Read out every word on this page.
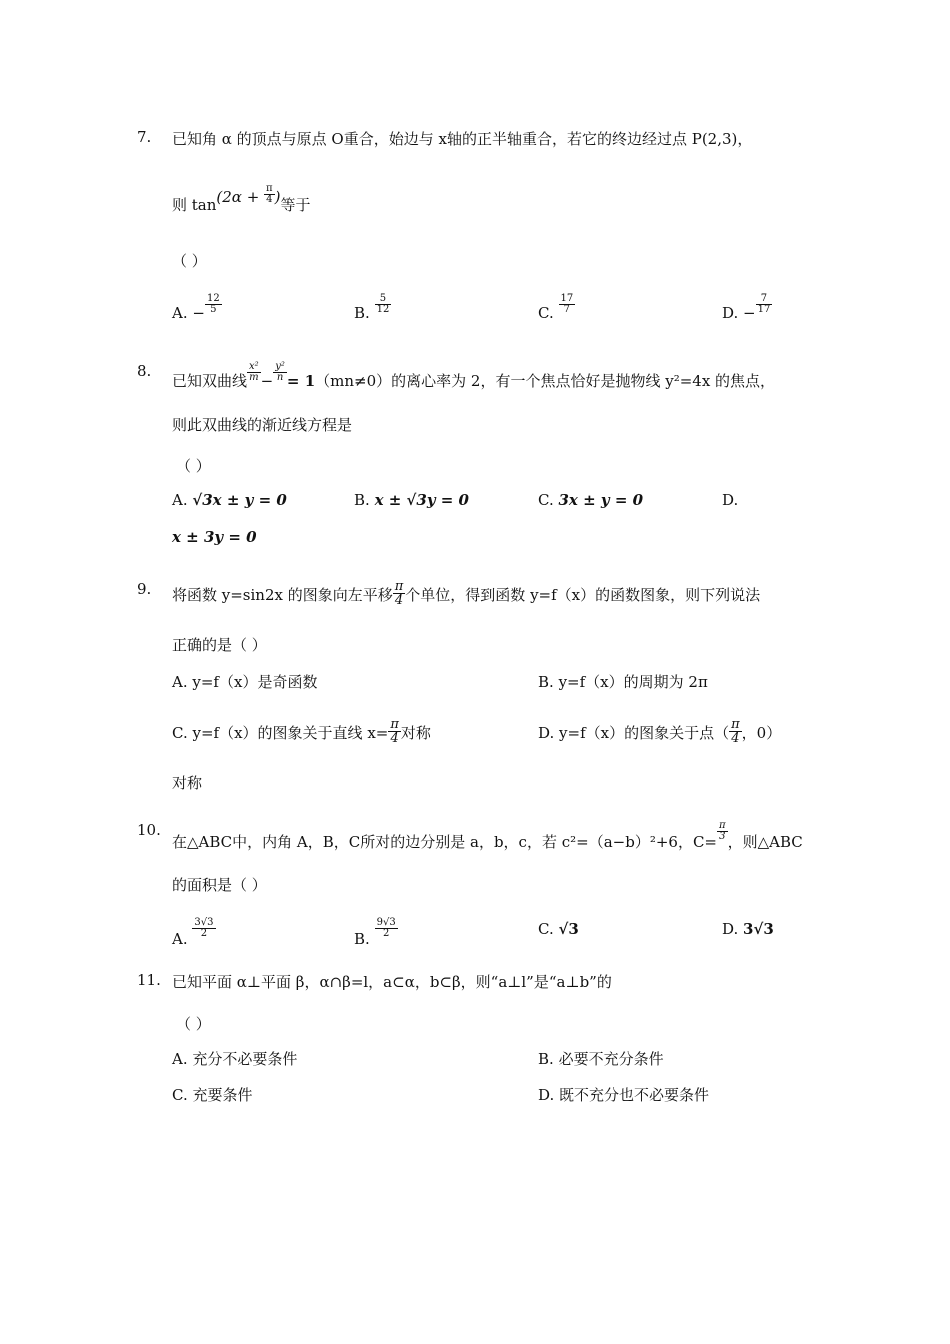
7. 已知角 α 的顶点与原点 O重合，始边与 x轴的正半轴重合，若它的终边经过点 P(2,3)，
则 $\tan(2\alpha + \frac{\pi}{4}$ )等于
（ ）
A. − $\frac{12}{5}$	B. $\frac{5}{12}$	C. $\frac{17}{7}$	D. − $\frac{7}{17}$
8.
已知双曲线 $\frac{\text{x²}}{m} - \frac{\text{y²}}{n} = 1(mn\ne 0)$的离心率为 2，有一个焦点恰好是抛物线 y²=4x 的焦点，
则此双曲线的渐近线方程是
（ ）
A. √3x ± y = 0	B. x ± √3y = 0	C. 3x ± y = 0	D.
x ± 3y = 0
9. 将函数 y=sin2x 的图象向左平移 $\frac{\pi}{4}$ 个单位，得到函数 y=f（x）的函数图象，则下列说法
正确的是（ ）
A. y=f（x）是奇函数	B. y=f（x）的周期为 2π
C. y=f（x）的图象关于直线 $x= \frac{\pi}{4}$ 对称	D. y=f（x）的图象关于点（ $\frac{\pi}{4}$ ，0）
对称
10.
在△ABC中，内角 A，B，C所对的边分别是 a，b，c，若 c²=（a−b）²+6，$C= \frac{\pi}{3}$ ，则△ABC
的面积是（ ）
A. $\frac{3√3}{2}$	B. $\frac{9√3}{2}$	C. √3	D. 3√3
11. 已知平面 α⊥平面 β，α∩β=l，a⊂α，b⊂β，则“a⊥l”是“a⊥b”的
（ ）
A. 充分不必要条件	B. 必要不充分条件
C. 充要条件	D. 既不充分也不必要条件
